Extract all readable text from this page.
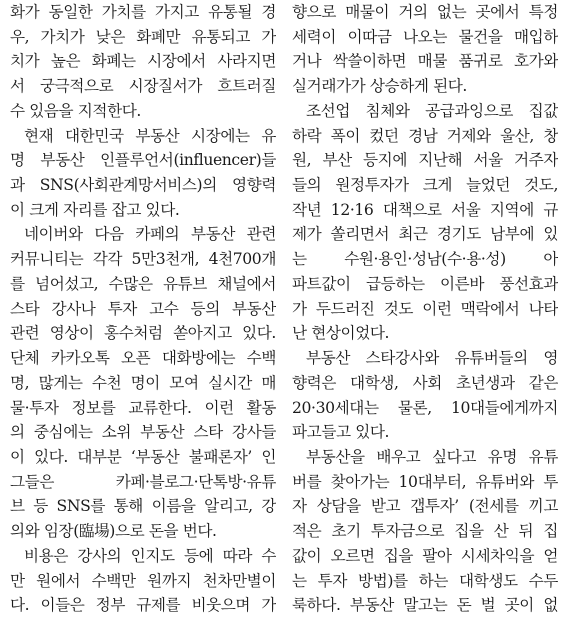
화가 동일한 가치를 가지고 유통될 경
우, 가치가 낮은 화폐만 유통되고 가
치가 높은 화폐는 시장에서 사라지면
서 궁극적으로 시장질서가 흐트러질
수 있음을 지적한다.
현재 대한민국 부동산 시장에는 유
명 부동산 인플루언서(influencer)들
과 SNS(사회관계망서비스)의 영향력
이 크게 자리를 잡고 있다.
네이버와 다음 카페의 부동산 관련
커뮤니티는 각각 5만3천개, 4천700개
를 넘어섰고, 수많은 유튜브 채널에서
스타 강사나 투자 고수 등의 부동산
관련 영상이 홍수처럼 쏟아지고 있다.
단체 카카오톡 오픈 대화방에는 수백
명, 많게는 수천 명이 모여 실시간 매
물·투자 정보를 교류한다. 이런 활동
의 중심에는 소위 부동산 스타 강사들
이 있다. 대부분 ‘부동산 불패론자’ 인
그들은 카페·블로그·단톡방·유튜
브 등 SNS를 통해 이름을 알리고, 강
의와 임장(臨場)으로 돈을 번다.
비용은 강사의 인지도 등에 따라 수
만 원에서 수백만 원까지 천차만별이
다. 이들은 정부 규제를 비웃으며 가
향으로 매물이 거의 없는 곳에서 특정
세력이 이따금 나오는 물건을 매입하
거나 싹쓸이하면 매물 품귀로 호가와
실거래가가 상승하게 된다.
조선업 침체와 공급과잉으로 집값
하락 폭이 컸던 경남 거제와 울산, 창
원, 부산 등지에 지난해 서울 거주자
들의 원정투자가 크게 늘었던 것도,
작년 12·16 대책으로 서울 지역에 규
제가 쏠리면서 최근 경기도 남부에 있
는 수원·용인·성남(수·용·성) 아
파트값이 급등하는 이른바 풍선효과
가 두드러진 것도 이런 맥락에서 나타
난 현상이었다.
부동산 스타강사와 유튜버들의 영
향력은 대학생, 사회 초년생과 같은
20·30세대는 물론, 10대들에게까지
파고들고 있다.
부동산을 배우고 싶다고 유명 유튜
버를 찾아가는 10대부터, 유튜버와 투
자 상담을 받고 갭투자’ (전세를 끼고
적은 초기 투자금으로 집을 산 뒤 집
값이 오르면 집을 팔아 시세차익을 얻
는 투자 방법)를 하는 대학생도 수두
룩하다. 부동산 말고는 돈 벌 곳이 없
